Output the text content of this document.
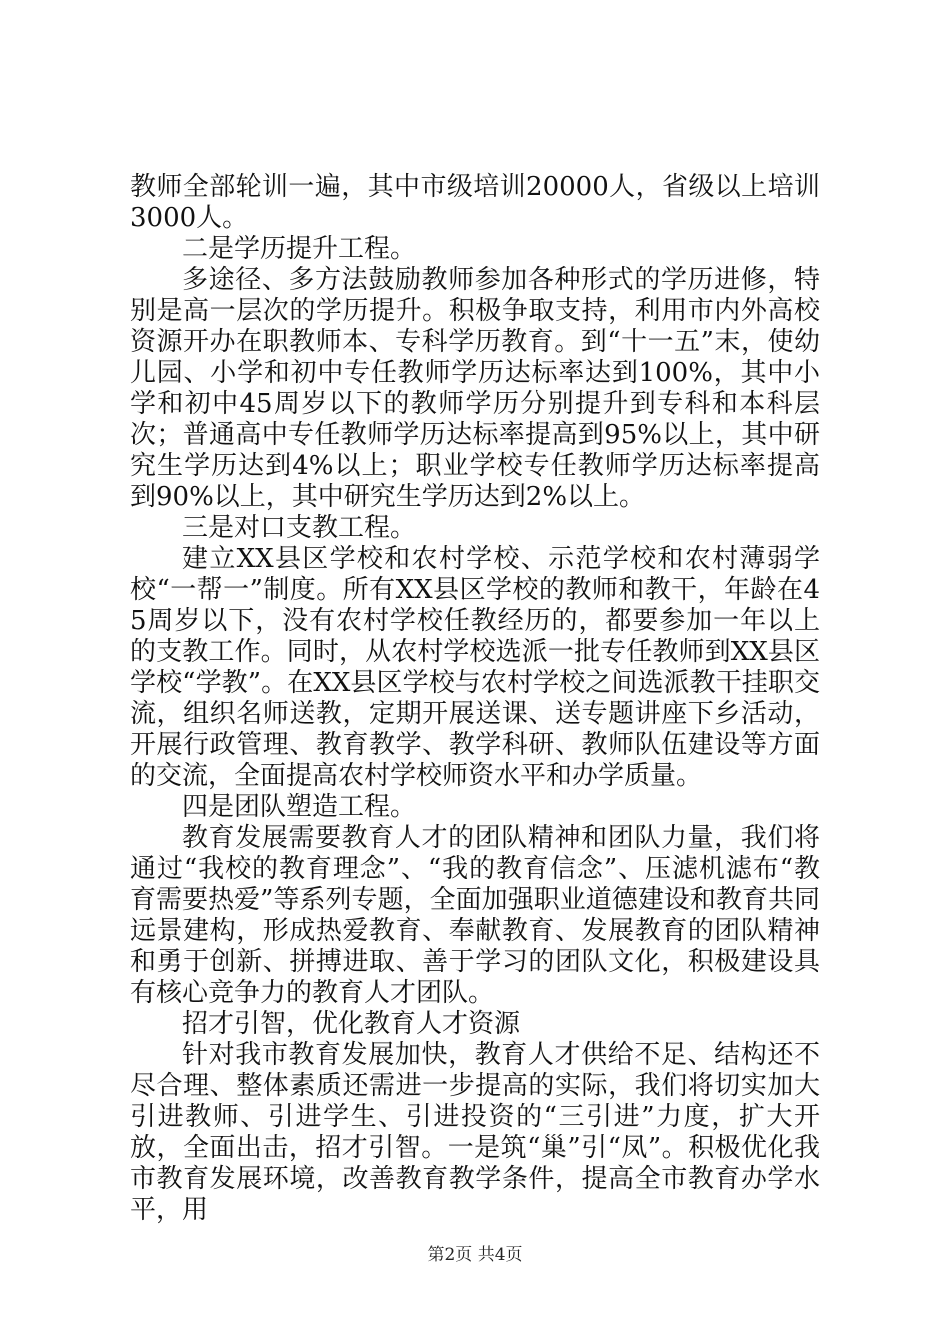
教师全部轮训一遍，其中市级培训20000人，省级以上培训3000人。

二是学历提升工程。

多途径、多方法鼓励教师参加各种形式的学历进修，特别是高一层次的学历提升。积极争取支持，利用市内外高校资源开办在职教师本、专科学历教育。到“十一五”末，使幼儿园、小学和初中专任教师学历达标率达到100%，其中小学和初中45周岁以下的教师学历分别提升到专科和本科层次；普通高中专任教师学历达标率提高到95%以上，其中研究生学历达到4%以上；职业学校专任教师学历达标率提高到90%以上，其中研究生学历达到2%以上。

三是对口支教工程。

建立XX县区学校和农村学校、示范学校和农村薄弱学校“一帮一”制度。所有XX县区学校的教师和教干，年龄在45周岁以下，没有农村学校任教经历的，都要参加一年以上的支教工作。同时，从农村学校选派一批专任教师到XX县区学校“学教”。在XX县区学校与农村学校之间选派教干挂职交流，组织名师送教，定期开展送课、送专题讲座下乡活动，开展行政管理、教育教学、教学科研、教师队伍建设等方面的交流，全面提高农村学校师资水平和办学质量。

四是团队塑造工程。

教育发展需要教育人才的团队精神和团队力量，我们将通过“我校的教育理念”、“我的教育信念”、压滤机滤布“教育需要热爱”等系列专题，全面加强职业道德建设和教育共同远景建构，形成热爱教育、奉献教育、发展教育的团队精神和勇于创新、拼搏进取、善于学习的团队文化，积极建设具有核心竞争力的教育人才团队。

招才引智，优化教育人才资源

针对我市教育发展加快，教育人才供给不足、结构还不尽合理、整体素质还需进一步提高的实际，我们将切实加大引进教师、引进学生、引进投资的“三引进”力度，扩大开放，全面出击，招才引智。一是筑“巢”引“凤”。积极优化我市教育发展环境，改善教育教学条件，提高全市教育办学水平，用

第2页 共4页
